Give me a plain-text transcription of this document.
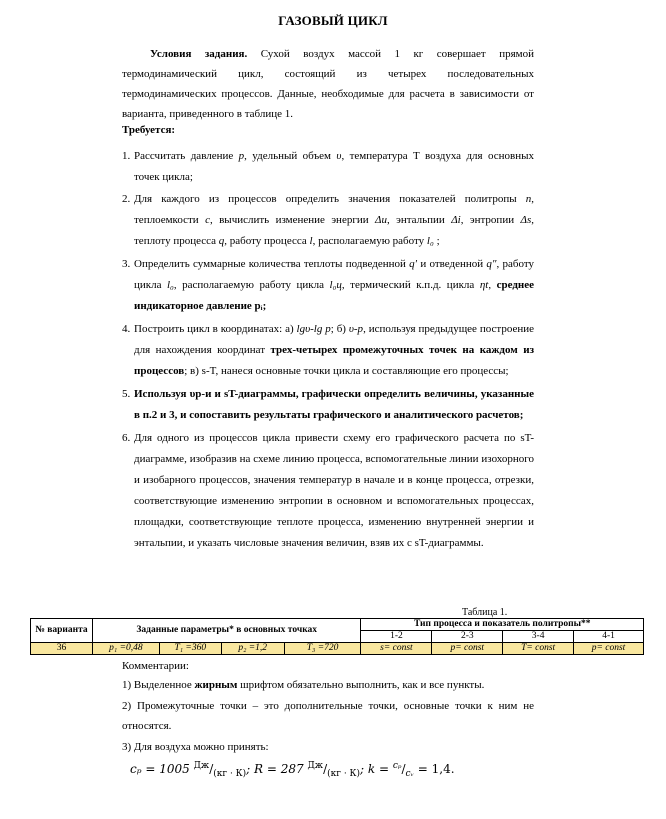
ГАЗОВЫЙ ЦИКЛ
Условия задания. Сухой воздух массой 1 кг совершает прямой термодинамический цикл, состоящий из четырех последовательных термодинамических процессов. Данные, необходимые для расчета в зависимости от варианта, приведенного в таблице 1.
Требуется:
1. Рассчитать давление p, удельный объем υ, температура T воздуха для основных точек цикла;
2. Для каждого из процессов определить значения показателей политропы n, теплоемкости c, вычислить изменение энергии Δu, энтальпии Δi, энтропии Δs, теплоту процесса q, работу процесса l, располагаемую работу l₀ ;
3. Определить суммарные количества теплоты подведенной q′ и отведенной q″, работу цикла l₀, располагаемую работу цикла l₀ц, термический к.п.д. цикла ηt, среднее индикаторное давление pᵢ;
4. Построить цикл в координатах: а) lgυ-lg p; б) υ-p, используя предыдущее построение для нахождения координат трех-четырех промежуточных точек на каждом из процессов; в) s-T, нанеся основные точки цикла и составляющие его процессы;
5. Используя υp-и и sT-диаграммы, графически определить величины, указанные в п.2 и 3, и сопоставить результаты графического и аналитического расчетов;
6. Для одного из процессов цикла привести схему его графического расчета по sT-диаграмме, изобразив на схеме линию процесса, вспомогательные линии изохорного и изобарного процессов, значения температур в начале и в конце процесса, отрезки, соответствующие изменению энтропии в основном и вспомогательных процессах, площадки, соответствующие теплоте процесса, изменению внутренней энергии и энтальпии, и указать числовые значения величин, взяв их с sT-диаграммы.
Таблица 1.
№ варианта	Заданные параметры* в основных точках				Тип процесса и показатель политропы**			
					1-2	2-3	3-4	4-1
36	p₁ =0,48	T₁ =360	p₂ =1,2	T₃ =720	s= const	p= const	T= const	p= const
Комментарии:

1) Выделенное жирным шрифтом обязательно выполнить, как и все пункты.

2) Промежуточные точки – это дополнительные точки, основные точки к ним не относятся.

3) Для воздуха можно принять:

cₚ = 1005 $^{Дж}/_{(кг \cdot К)}$; R = 287 $^{Дж}/_{(кг \cdot К)}$; $k = ^{c_p}/_{cᵥ} = 1,4$.
